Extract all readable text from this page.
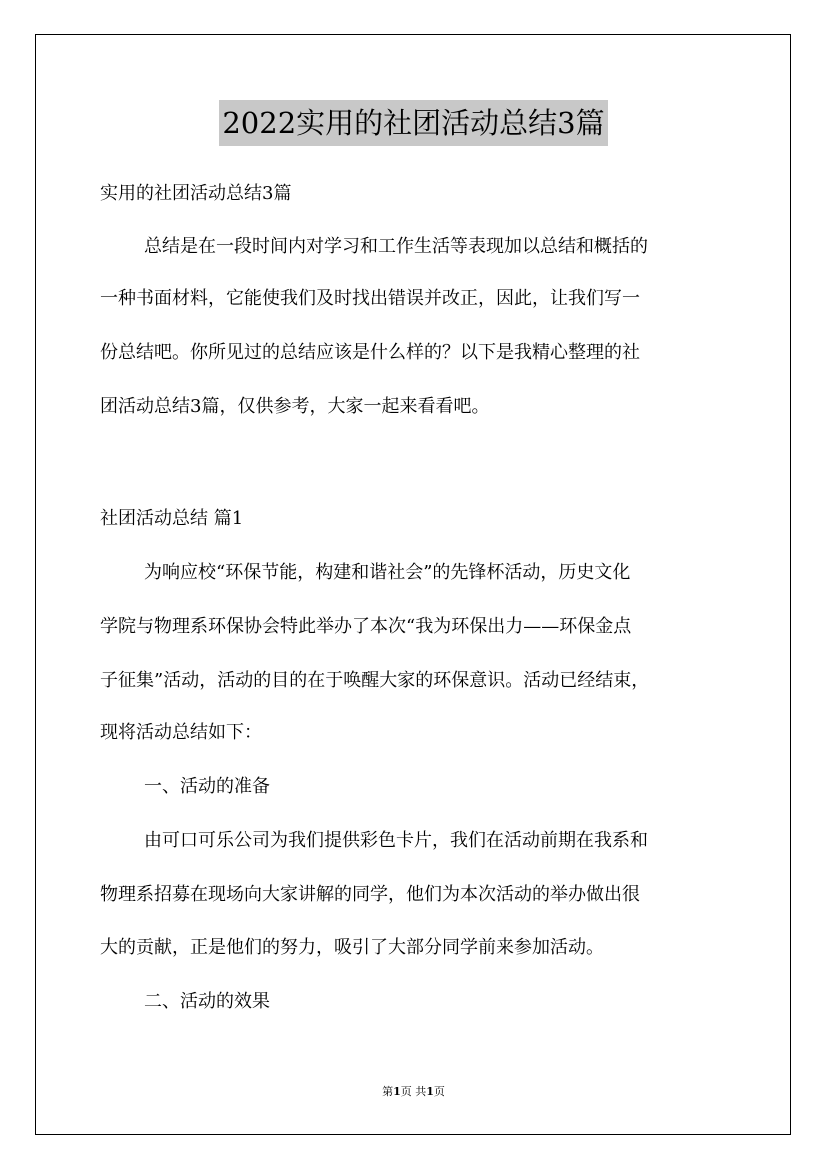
2022实用的社团活动总结3篇
实用的社团活动总结3篇
总结是在一段时间内对学习和工作生活等表现加以总结和概括的
一种书面材料，它能使我们及时找出错误并改正，因此，让我们写一
份总结吧。你所见过的总结应该是什么样的？以下是我精心整理的社
团活动总结3篇，仅供参考，大家一起来看看吧。
社团活动总结 篇1
为响应校“环保节能，构建和谐社会”的先锋杯活动，历史文化
学院与物理系环保协会特此举办了本次“我为环保出力——环保金点
子征集”活动，活动的目的在于唤醒大家的环保意识。活动已经结束，
现将活动总结如下：
一、活动的准备
由可口可乐公司为我们提供彩色卡片，我们在活动前期在我系和
物理系招募在现场向大家讲解的同学，他们为本次活动的举办做出很
大的贡献，正是他们的努力，吸引了大部分同学前来参加活动。
二、活动的效果
第1页 共1页
